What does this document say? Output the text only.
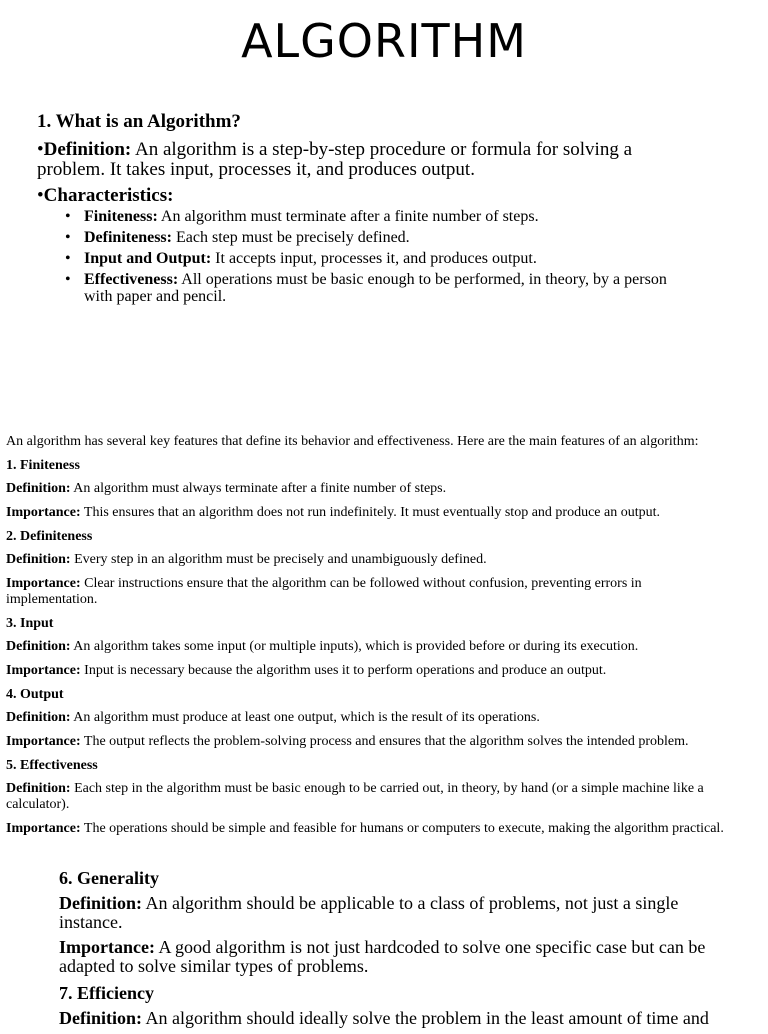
ALGORITHM
1. What is an Algorithm?

•Definition: An algorithm is a step-by-step procedure or formula for solving a problem. It takes input, processes it, and produces output.

•Characteristics:

• Finiteness: An algorithm must terminate after a finite number of steps.
• Definiteness: Each step must be precisely defined.
• Input and Output: It accepts input, processes it, and produces output.
• Effectiveness: All operations must be basic enough to be performed, in theory, by a person with paper and pencil.

An algorithm has several key features that define its behavior and effectiveness. Here are the main features of an algorithm:

1. Finiteness

Definition: An algorithm must always terminate after a finite number of steps.

Importance: This ensures that an algorithm does not run indefinitely. It must eventually stop and produce an output.

2. Definiteness

Definition: Every step in an algorithm must be precisely and unambiguously defined.

Importance: Clear instructions ensure that the algorithm can be followed without confusion, preventing errors in implementation.

3. Input

Definition: An algorithm takes some input (or multiple inputs), which is provided before or during its execution.

Importance: Input is necessary because the algorithm uses it to perform operations and produce an output.

4. Output

Definition: An algorithm must produce at least one output, which is the result of its operations.

Importance: The output reflects the problem-solving process and ensures that the algorithm solves the intended problem.

5. Effectiveness

Definition: Each step in the algorithm must be basic enough to be carried out, in theory, by hand (or a simple machine like a calculator).

Importance: The operations should be simple and feasible for humans or computers to execute, making the algorithm practical.

6. Generality

Definition: An algorithm should be applicable to a class of problems, not just a single instance.

Importance: A good algorithm is not just hardcoded to solve one specific case but can be adapted to solve similar types of problems.

7. Efficiency

Definition: An algorithm should ideally solve the problem in the least amount of time and
